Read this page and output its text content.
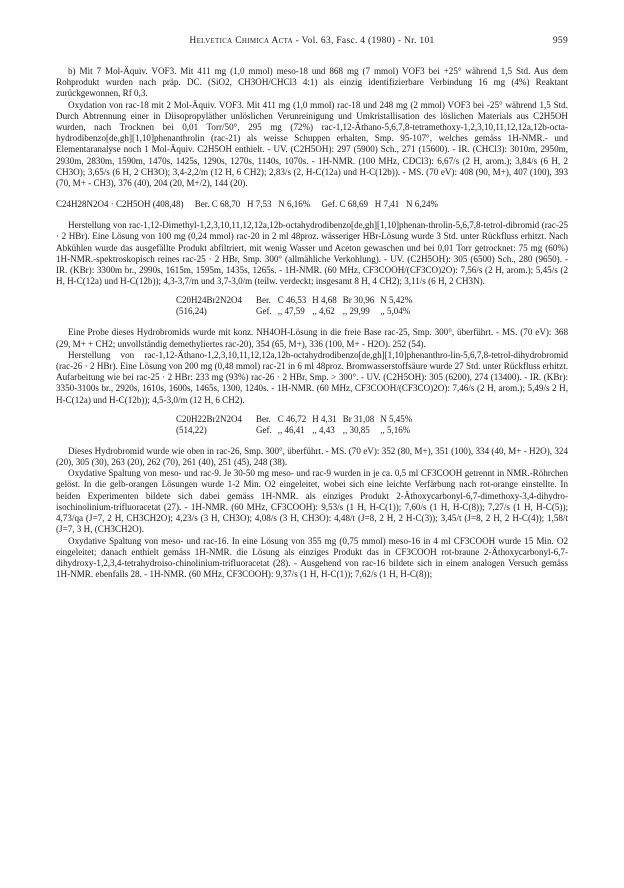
Helvetica Chimica Acta - Vol. 63, Fasc. 4 (1980) - Nr. 101	959

b) Mit 7 Mol-Äquiv. VOF3. Mit 411 mg (1,0 mmol) meso-18 und 868 mg (7 mmol) VOF3 bei +25° während 1,5 Std. Aus dem Rohprodukt wurden nach präp. DC. (SiO2, CH3OH/CHCl3 4:1) als einzig identifizierbare Verbindung 16 mg (4%) Reaktant zurückgewonnen, Rf 0,3.

Oxydation von rac-18 mit 2 Mol-Äquiv. VOF3. Mit 411 mg (1,0 mmol) rac-18 und 248 mg (2 mmol) VOF3 bei -25° während 1,5 Std. Durch Abtrennung einer in Diisopropyläther unlöslichen Verunreinigung und Umkristallisation des löslichen Materials aus C2H5OH wurden, nach Trocknen bei 0,01 Torr/50°, 295 mg (72%) rac-1,12-Äthano-5,6,7,8-tetramethoxy-1,2,3,10,11,12,12a,12b-octa-hydrodibenzo[de,gh][1,10]phenanthrolin (rac-21) als weisse Schuppen erhalten, Smp. 95-107°, welches gemäss 1H-NMR.- und Elementaranalyse noch 1 Mol-Äquiv. C2H5OH enthielt. - UV. (C2H5OH): 297 (5900) Sch., 271 (15600). - IR. (CHCl3): 3010m, 2950m, 2930m, 2830m, 1590m, 1470s, 1425s, 1290s, 1270s, 1140s, 1070s. - 1H-NMR. (100 MHz, CDCl3): 6,67/s (2 H, arom.); 3,84/s (6 H, 2 CH3O); 3,65/s (6 H, 2 CH3O); 3,4-2,2/m (12 H, 6 CH2); 2,83/s (2, H-C(12a) und H-C(12b)). - MS. (70 eV): 408 (90, M+), 407 (100), 393 (70, M+ - CH3), 376 (40), 204 (20, M+/2), 144 (20).

C24H28N2O4 · C2H5OH (408,48)     Ber. C 68,70   H 7,53   N 6,16%     Gef. C 68,69   H 7,41   N 6,24%

Herstellung von rac-1,12-Dimethyl-1,2,3,10,11,12,12a,12b-octahydrodibenzo[de,gh][1,10]phenan-throlin-5,6,7,8-tetrol-dibromid (rac-25 · 2 HBr). Eine Lösung von 100 mg (0,24 mmol) rac-20 in 2 ml 48proz. wässeriger HBr-Lösung wurde 3 Std. unter Rückfluss erhitzt. Nach Abkühlen wurde das ausgefällte Produkt abfiltriert, mit wenig Wasser und Aceton gewaschen und bei 0,01 Torr getrocknet: 75 mg (60%) 1H-NMR.-spektroskopisch reines rac-25 · 2 HBr, Smp. 300° (allmähliche Verkohlung). - UV. (C2H5OH): 305 (6500) Sch., 280 (9650). - IR. (KBr): 3300m br., 2990s, 1615m, 1595m, 1435s, 1265s. - 1H-NMR. (60 MHz, CF3COOH/(CF3CO)2O): 7,56/s (2 H, arom.); 5,45/s (2 H, H-C(12a) und H-C(12b)); 4,3-3,7/m und 3,7-3,0/m (teilw. verdeckt; insgesamt 8 H, 4 CH2); 3,11/s (6 H, 2 CH3N).

C20H24Br2N2O4	Ber.	C 46,53	H 4,68	Br 30,96	N 5,42%
(516,24)	Gef.	,, 47,59	,, 4,62	,, 29,99	,, 5,04%

Eine Probe dieses Hydrobromids wurde mit konz. NH4OH-Lösung in die freie Base rac-25, Smp. 300°, überführt. - MS. (70 eV): 368 (29, M+ + CH2; unvollständig demethyliertes rac-20), 354 (65, M+), 336 (100, M+ - H2O). 252 (54).

Herstellung von rac-1,12-Äthano-1,2,3,10,11,12,12a,12b-octahydrodibenzo[de,gh][1,10]phenanthro-lin-5,6,7,8-tetrol-dihydrobromid (rac-26 · 2 HBr). Eine Lösung von 200 mg (0,48 mmol) rac-21 in 6 ml 48proz. Bromwasserstoffsäure wurde 27 Std. unter Rückfluss erhitzt. Aufarbeitung wie bei rac-25 · 2 HBr: 233 mg (93%) rac-26 · 2 HBr, Smp. > 300°. - UV. (C2H5OH): 305 (6200), 274 (13400). - IR. (KBr): 3350-3100s br., 2920s, 1610s, 1600s, 1465s, 1300, 1240s. - 1H-NMR. (60 MHz, CF3COOH/(CF3CO)2O): 7,46/s (2 H, arom.); 5,49/s 2 H, H-C(12a) und H-C(12b)); 4,5-3,0/m (12 H, 6 CH2).

C20H22Br2N2O4	Ber.	C 46,72	H 4,31	Br 31,08	N 5,45%
(514,22)	Gef.	,, 46,41	,, 4,43	,, 30,85	,, 5,16%

Dieses Hydrobromid wurde wie oben in rac-26, Smp. 300°, überführt. - MS. (70 eV): 352 (80, M+), 351 (100), 334 (40, M+ - H2O), 324 (20), 305 (30), 263 (20), 262 (70), 261 (40), 251 (45), 248 (38).

Oxydative Spaltung von meso- und rac-9. Je 30-50 mg meso- und rac-9 wurden in je ca. 0,5 ml CF3COOH getrennt in NMR.-Röhrchen gelöst. In die gelb-orangen Lösungen wurde 1-2 Min. O2 eingeleitet, wobei sich eine leichte Verfärbung nach rot-orange einstellte. In beiden Experimenten bildete sich dabei gemäss 1H-NMR. als einziges Produkt 2-Äthoxycarbonyl-6,7-dimethoxy-3,4-dihydro-isochinolinium-trifluoracetat (27). - 1H-NMR. (60 MHz, CF3COOH): 9,53/s (1 H, H-C(1)); 7,60/s (1 H, H-C(8)); 7,27/s (1 H, H-C(5)); 4,73/qa (J=7, 2 H, CH3CH2O); 4,23/s (3 H, CH3O); 4,08/s (3 H, CH3O): 4,48/t (J=8, 2 H, 2 H-C(3)); 3,45/t (J=8, 2 H, 2 H-C(4)); 1,58/t (J=7, 3 H, (CH3CH2O).

Oxydative Spaltung von meso- und rac-16. In eine Lösung von 355 mg (0,75 mmol) meso-16 in 4 ml CF3COOH wurde 15 Min. O2 eingeleitet; danach enthielt gemäss 1H-NMR. die Lösung als einziges Produkt das in CF3COOH rot-braune 2-Äthoxycarbonyl-6,7-dihydroxy-1,2,3,4-tetrahydroiso-chinolinium-trifluoracetat (28). - Ausgehend von rac-16 bildete sich in einem analogen Versuch gemäss 1H-NMR. ebenfalls 28. - 1H-NMR. (60 MHz, CF3COOH): 9,37/s (1 H, H-C(1)); 7,62/s (1 H, H-C(8));
